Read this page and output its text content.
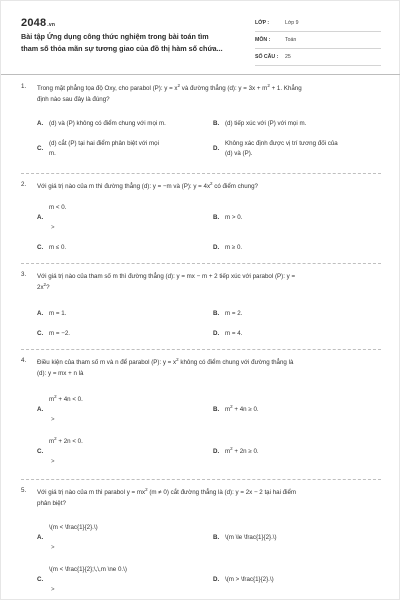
2048.vn
Bài tập Ứng dụng công thức nghiệm trong bài toán tìm
tham số thỏa mãn sự tương giao của đồ thị hàm số chứa...
LỚP :	Lớp 9
MÔN :	Toán
SỐ CÂU : 25
1. Trong mặt phẳng tọa độ Oxy, cho parabol (P): $y = x^2$ và đường thẳng (d): $y = 3x + m^2 + 1$. Khẳng
định nào sau đây là đúng?
A. (d) và (P) không có điểm chung với mọi m.	B. (d) tiếp xúc với (P) với mọi m.
C.
(d) cắt (P) tại hai điểm phân biệt với mọi
m.
D.
Không xác định được vị trí tương đối của
(d) và (P).
2. Với giá trị nào của m thì đường thẳng (d): y = −m và (P): $y = 4x^2$ có điểm chung?
m < 0.
A.
>
B. m > 0.
C. m ≤ 0.	D. m ≥ 0.
3. Với giá trị nào của tham số m thì đường thẳng (d): y = mx − m + 2 tiếp xúc với parabol (P): y =
$2x^2$?
A. m = 1.	B. m = 2.
C. m = −2.	D. m = 4.
4. Điều kiện của tham số m và n để parabol (P): $y = x^2$ không có điểm chung với đường thẳng là
(d): y = mx + n là
$m^2 + 4n < 0$.
A.
>
B. $m^2 + 4n \ge 0$.
$m^2 + 2n < 0$.
C.
>
D. $m^2 + 2n \ge 0$.
5. Với giá trị nào của m thì parabol $y = mx^2$ (m ≠ 0) cắt đường thẳng là (d): y = 2x − 2 tại hai điểm
phân biệt?
\(m < \frac{1}{2}.\)
A.
>
B. \(m \le \frac{1}{2}.\)
\(m < \frac{1}{2};\,\,m \ne 0.\)
C.
>
D. \(m > \frac{1}{2}.\)
